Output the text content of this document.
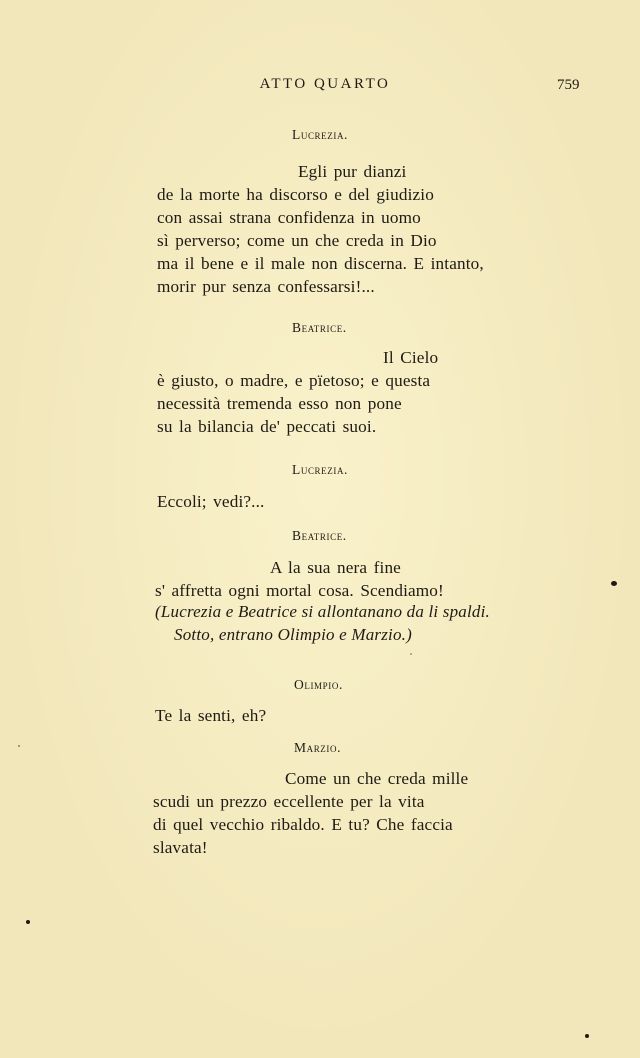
ATTO QUARTO	759
Lucrezia.
Egli pur dianzi
de la morte ha discorso e del giudizio
con assai strana confidenza in uomo
sì perverso; come un che creda in Dio
ma il bene e il male non discerna. E intanto,
morir pur senza confessarsi!...
Beatrice.
Il Cielo
è giusto, o madre, e pïetoso; e questa
necessità tremenda esso non pone
su la bilancia de' peccati suoi.
Lucrezia.
Eccoli; vedi?...
Beatrice.
A la sua nera fine
s' affretta ogni mortal cosa. Scendiamo!
(Lucrezia e Beatrice si allontanano da li spaldi.
Sotto, entrano Olimpio e Marzio.)
Olimpio.
Te la senti, eh?
Marzio.
Come un che creda mille
scudi un prezzo eccellente per la vita
di quel vecchio ribaldo. E tu? Che faccia
slavata!
